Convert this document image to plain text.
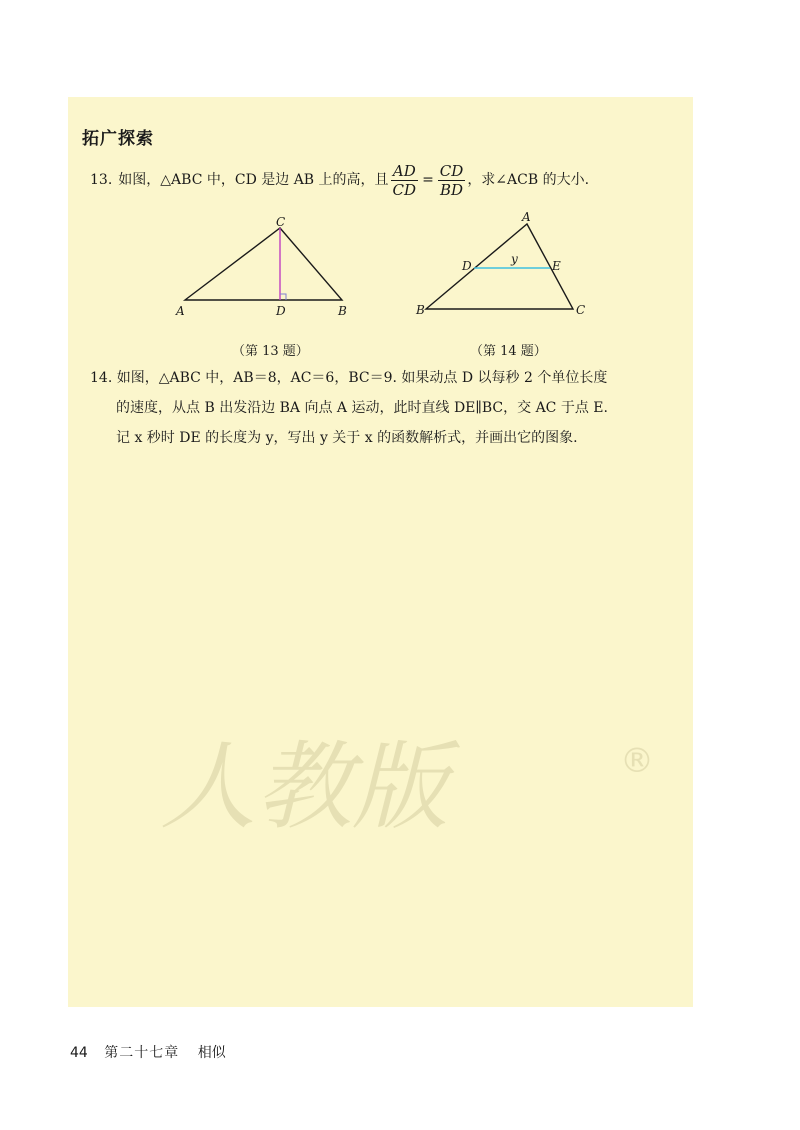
拓广探索
13. 如图，△ABC 中，CD 是边 AB 上的高，且 $\frac{AD}{CD} = \frac{CD}{BD}$ ，求∠ACB 的大小.
A	B
C
D
（第 13 题）
A
B	C
D	E
y
（第 14 题）
14. 如图，△ABC 中，AB＝8，AC＝6，BC＝9. 如果动点 D 以每秒 2 个单位长度
的速度，从点 B 出发沿边 BA 向点 A 运动，此时直线 DE∥BC，交 AC 于点 E.
记 x 秒时 DE 的长度为 y，写出 y 关于 x 的函数解析式，并画出它的图象.
人教版	®
44 第二十七章 相似
